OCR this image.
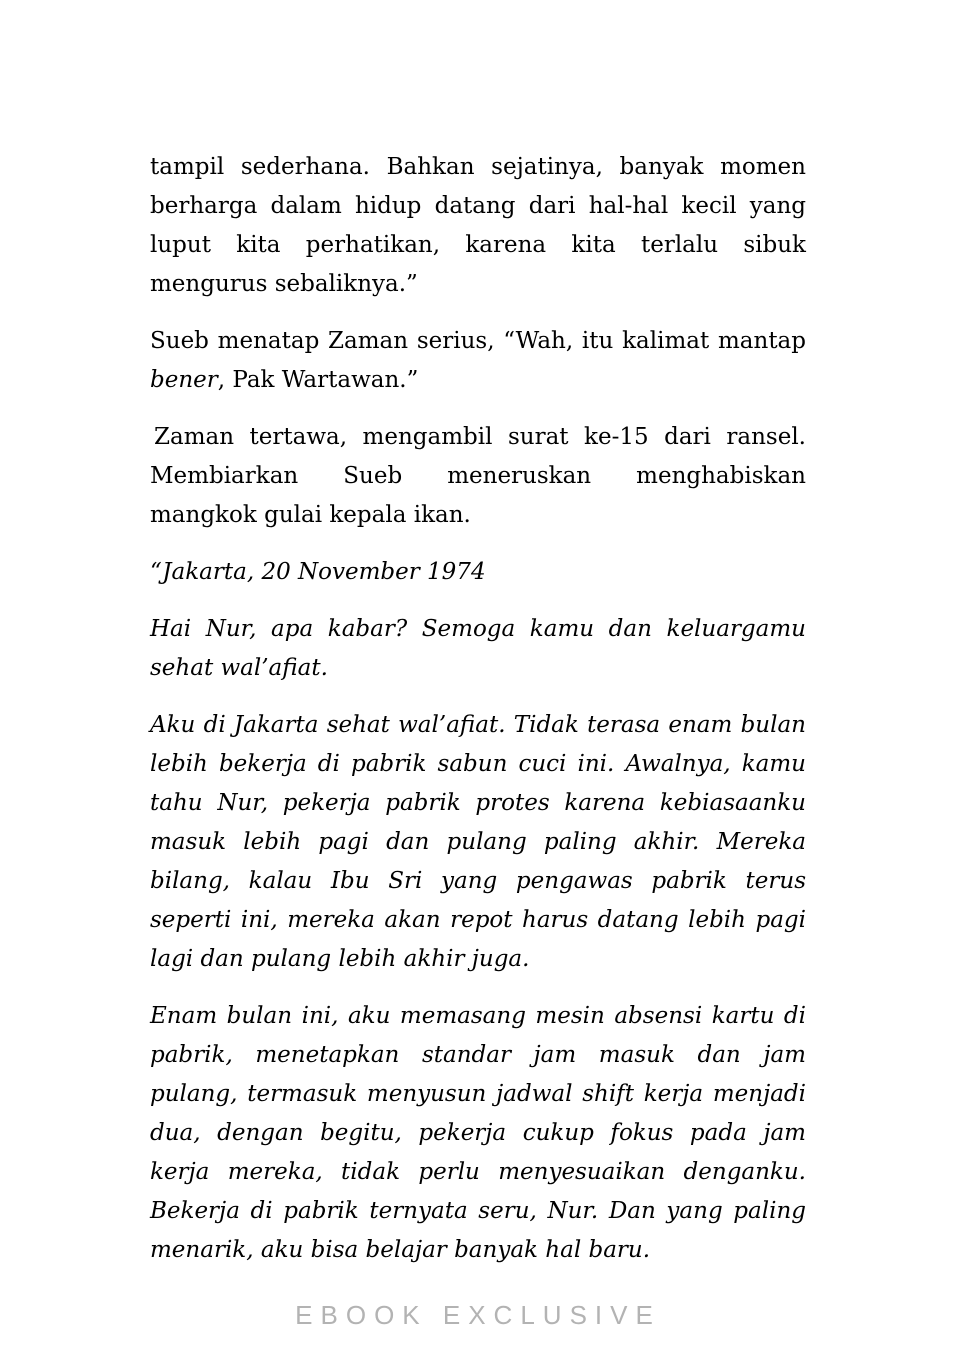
tampil sederhana. Bahkan sejatinya, banyak momen berharga dalam hidup datang dari hal-hal kecil yang luput kita perhatikan, karena kita terlalu sibuk mengurus sebaliknya.”

Sueb menatap Zaman serius, “Wah, itu kalimat mantap bener, Pak Wartawan.”

Zaman tertawa, mengambil surat ke-15 dari ransel. Membiarkan Sueb meneruskan menghabiskan mangkok gulai kepala ikan.

“Jakarta, 20 November 1974

Hai Nur, apa kabar? Semoga kamu dan keluargamu sehat wal’afiat.

Aku di Jakarta sehat wal’afiat. Tidak terasa enam bulan lebih bekerja di pabrik sabun cuci ini. Awalnya, kamu tahu Nur, pekerja pabrik protes karena kebiasaanku masuk lebih pagi dan pulang paling akhir. Mereka bilang, kalau Ibu Sri yang pengawas pabrik terus seperti ini, mereka akan repot harus datang lebih pagi lagi dan pulang lebih akhir juga.

Enam bulan ini, aku memasang mesin absensi kartu di pabrik, menetapkan standar jam masuk dan jam pulang, termasuk menyusun jadwal shift kerja menjadi dua, dengan begitu, pekerja cukup fokus pada jam kerja mereka, tidak perlu menyesuaikan denganku. Bekerja di pabrik ternyata seru, Nur. Dan yang paling menarik, aku bisa belajar banyak hal baru.

EBOOK EXCLUSIVE
